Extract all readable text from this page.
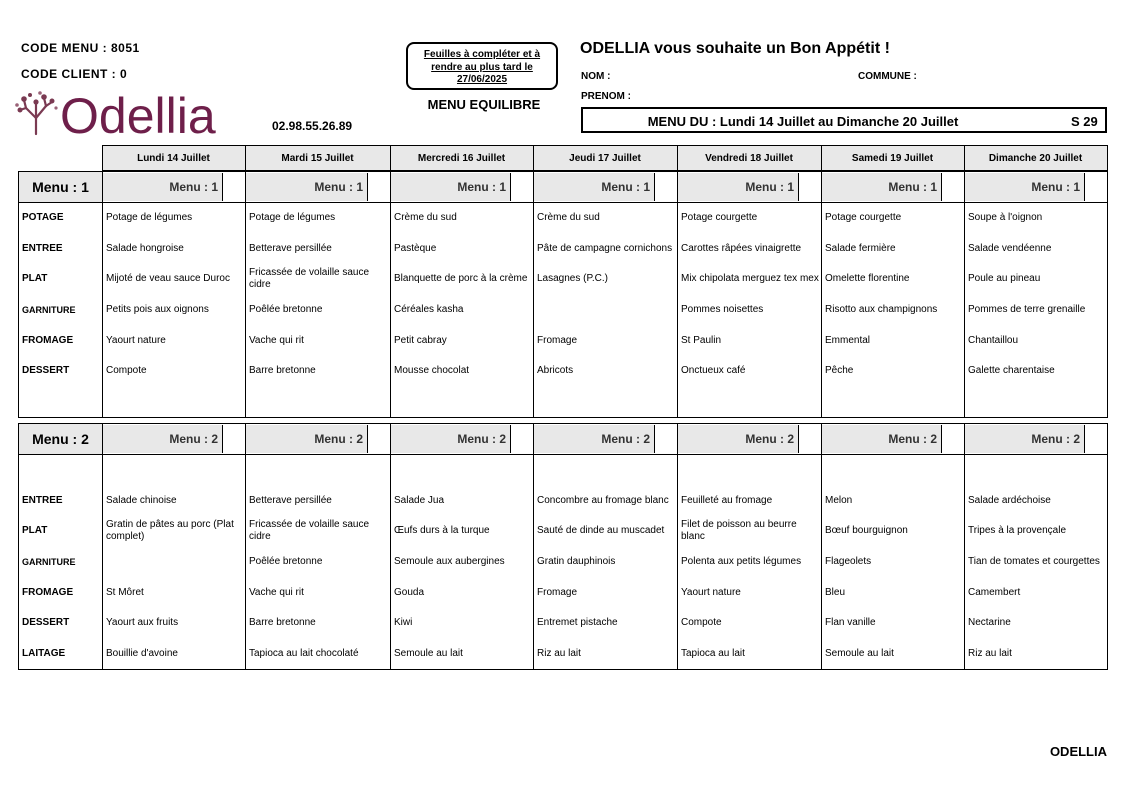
CODE MENU : 8051
CODE CLIENT : 0
Odellia	02.98.55.26.89
Feuilles à compléter et à
rendre au plus tard le
27/06/2025
MENU EQUILIBRE
ODELLIA vous souhaite un Bon Appétit !
NOM :	COMMUNE :
PRENOM :
MENU DU : Lundi 14 Juillet au Dimanche 20 Juillet	S 29
	Lundi 14 Juillet	Mardi 15 Juillet	Mercredi 16 Juillet	Jeudi 17 Juillet	Vendredi 18 Juillet	Samedi 19 Juillet	Dimanche 20 Juillet
Menu : 1	Menu : 1	Menu : 1	Menu : 1	Menu : 1	Menu : 1	Menu : 1	Menu : 1

POTAGE	Potage de légumes	Potage de légumes	Crème du sud	Crème du sud	Potage courgette	Potage courgette	Soupe à l'oignon
ENTREE	Salade hongroise	Betterave persillée	Pastèque	Pâte de campagne cornichons	Carottes râpées vinaigrette	Salade fermière	Salade vendéenne
PLAT	Mijoté de veau sauce Duroc	Fricassée de volaille sauce cidre	Blanquette de porc à la crème	Lasagnes (P.C.)	Mix chipolata merguez tex mex	Omelette florentine	Poule au pineau
GARNITURE	Petits pois aux oignons	Poêlée bretonne	Céréales kasha		Pommes noisettes	Risotto aux champignons	Pommes de terre grenaille
FROMAGE	Yaourt nature	Vache qui rit	Petit cabray	Fromage	St Paulin	Emmental	Chantaillou
DESSERT	Compote	Barre bretonne	Mousse chocolat	Abricots	Onctueux café	Pêche	Galette charentaise

Menu : 2	Menu : 2	Menu : 2	Menu : 2	Menu : 2	Menu : 2	Menu : 2	Menu : 2

ENTREE	Salade chinoise	Betterave persillée	Salade Jua	Concombre au fromage blanc	Feuilleté au fromage	Melon	Salade ardéchoise
PLAT	Gratin de pâtes au porc (Plat complet)	Fricassée de volaille sauce cidre	Œufs durs à la turque	Sauté de dinde au muscadet	Filet de poisson au beurre blanc	Bœuf bourguignon	Tripes à la provençale
GARNITURE		Poêlée bretonne	Semoule aux aubergines	Gratin dauphinois	Polenta aux petits légumes	Flageolets	Tian de tomates et courgettes
FROMAGE	St Môret	Vache qui rit	Gouda	Fromage	Yaourt nature	Bleu	Camembert
DESSERT	Yaourt aux fruits	Barre bretonne	Kiwi	Entremet pistache	Compote	Flan vanille	Nectarine
LAITAGE	Bouillie d'avoine	Tapioca au lait chocolaté	Semoule au lait	Riz au lait	Tapioca au lait	Semoule au lait	Riz au lait
ODELLIA
